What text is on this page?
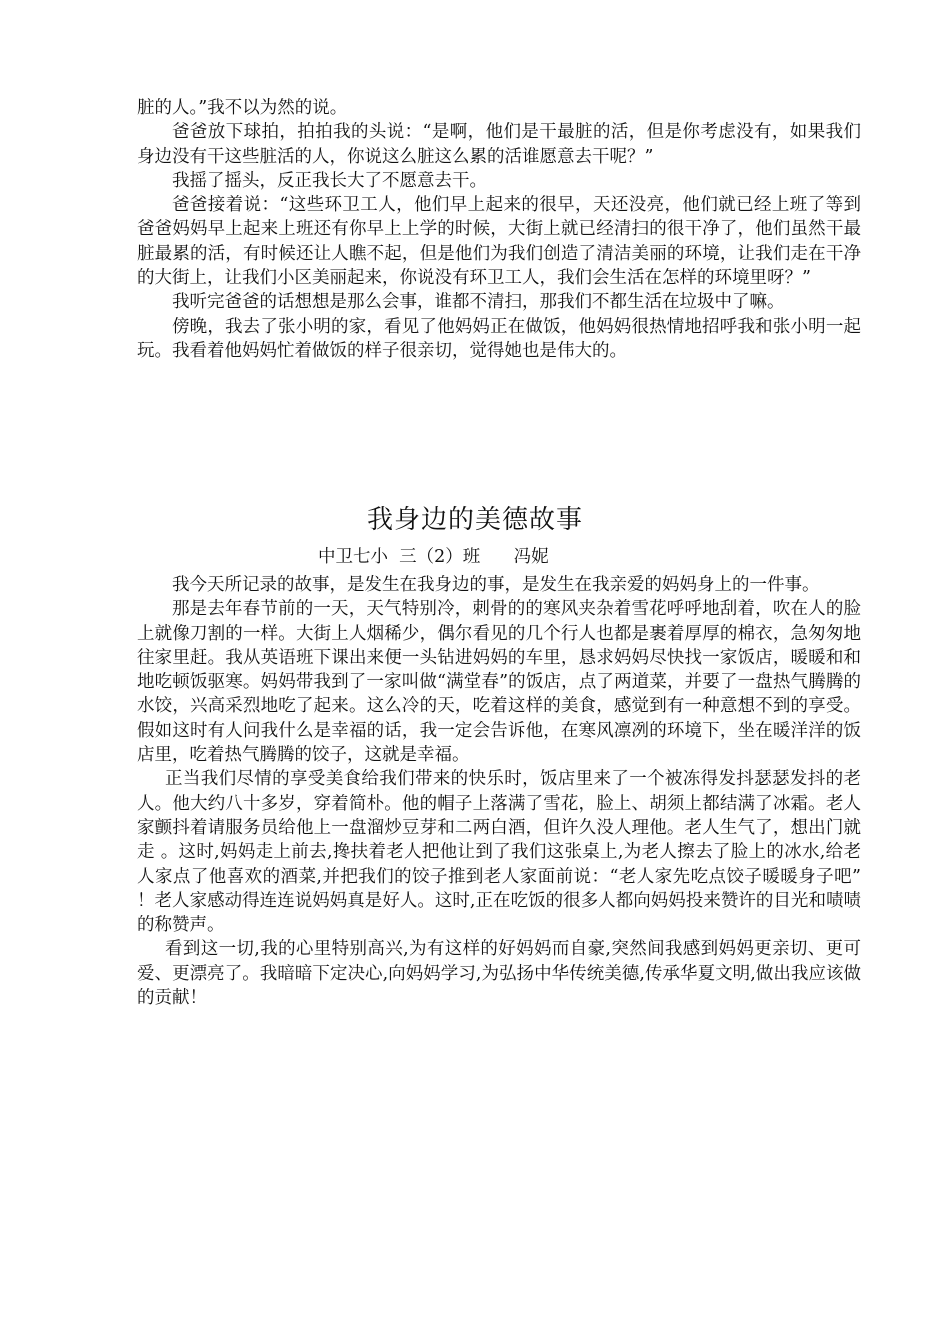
脏的人。”我不以为然的说。

爸爸放下球拍，拍拍我的头说：“是啊，他们是干最脏的活，但是你考虑没有，如果我们身边没有干这些脏活的人，你说这么脏这么累的活谁愿意去干呢？”

我摇了摇头，反正我长大了不愿意去干。

爸爸接着说：“这些环卫工人，他们早上起来的很早，天还没亮，他们就已经上班了等到爸爸妈妈早上起来上班还有你早上上学的时候，大街上就已经清扫的很干净了，他们虽然干最脏最累的活，有时候还让人瞧不起，但是他们为我们创造了清洁美丽的环境，让我们走在干净的大街上，让我们小区美丽起来，你说没有环卫工人，我们会生活在怎样的环境里呀？”

我听完爸爸的话想想是那么会事，谁都不清扫，那我们不都生活在垃圾中了嘛。

傍晚，我去了张小明的家，看见了他妈妈正在做饭，他妈妈很热情地招呼我和张小明一起玩。我看着他妈妈忙着做饭的样子很亲切，觉得她也是伟大的。

我身边的美德故事
中卫七小  三（2）班      冯妮

我今天所记录的故事，是发生在我身边的事，是发生在我亲爱的妈妈身上的一件事。

那是去年春节前的一天，天气特别冷，刺骨的的寒风夹杂着雪花呼呼地刮着，吹在人的脸上就像刀割的一样。大街上人烟稀少，偶尔看见的几个行人也都是裹着厚厚的棉衣，急匆匆地往家里赶。我从英语班下课出来便一头钻进妈妈的车里，恳求妈妈尽快找一家饭店，暖暖和和地吃顿饭驱寒。妈妈带我到了一家叫做“满堂春”的饭店，点了两道菜，并要了一盘热气腾腾的水饺，兴高采烈地吃了起来。这么冷的天，吃着这样的美食，感觉到有一种意想不到的享受。假如这时有人问我什么是幸福的话，我一定会告诉他，在寒风凛冽的环境下，坐在暖洋洋的饭店里，吃着热气腾腾的饺子，这就是幸福。

正当我们尽情的享受美食给我们带来的快乐时，饭店里来了一个被冻得发抖瑟瑟发抖的老人。他大约八十多岁，穿着简朴。他的帽子上落满了雪花，脸上、胡须上都结满了冰霜。老人家颤抖着请服务员给他上一盘溜炒豆芽和二两白酒，但许久没人理他。老人生气了，想出门就走 。这时,妈妈走上前去,搀扶着老人把他让到了我们这张桌上,为老人擦去了脸上的冰水,给老人家点了他喜欢的酒菜,并把我们的饺子推到老人家面前说：“老人家先吃点饺子暖暖身子吧” ！老人家感动得连连说妈妈真是好人。这时,正在吃饭的很多人都向妈妈投来赞许的目光和啧啧的称赞声。

看到这一切,我的心里特别高兴,为有这样的好妈妈而自豪,突然间我感到妈妈更亲切、更可爱、更漂亮了。我暗暗下定决心,向妈妈学习,为弘扬中华传统美德,传承华夏文明,做出我应该做的贡献！
